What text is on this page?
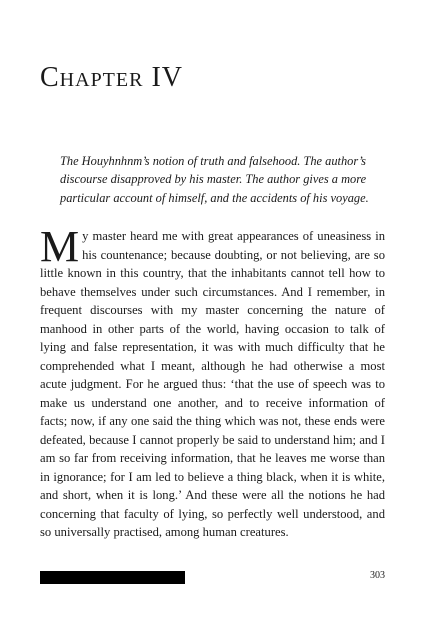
Chapter IV

The Houyhnhnm’s notion of truth and falsehood. The author’s discourse disapproved by his master. The author gives a more particular account of himself, and the accidents of his voyage.

My master heard me with great appearances of uneasiness in his countenance; because doubting, or not believing, are so little known in this country, that the inhabitants cannot tell how to behave themselves under such circumstances. And I remember, in frequent discourses with my master concerning the nature of manhood in other parts of the world, having occasion to talk of lying and false representation, it was with much difficulty that he comprehended what I meant, although he had otherwise a most acute judgment. For he argued thus: ‘that the use of speech was to make us understand one another, and to receive information of facts; now, if any one said the thing which was not, these ends were defeated, because I cannot properly be said to understand him; and I am so far from receiving information, that he leaves me worse than in ignorance; for I am led to believe a thing black, when it is white, and short, when it is long.’ And these were all the notions he had concerning that faculty of lying, so perfectly well understood, and so universally practised, among human creatures.

303
